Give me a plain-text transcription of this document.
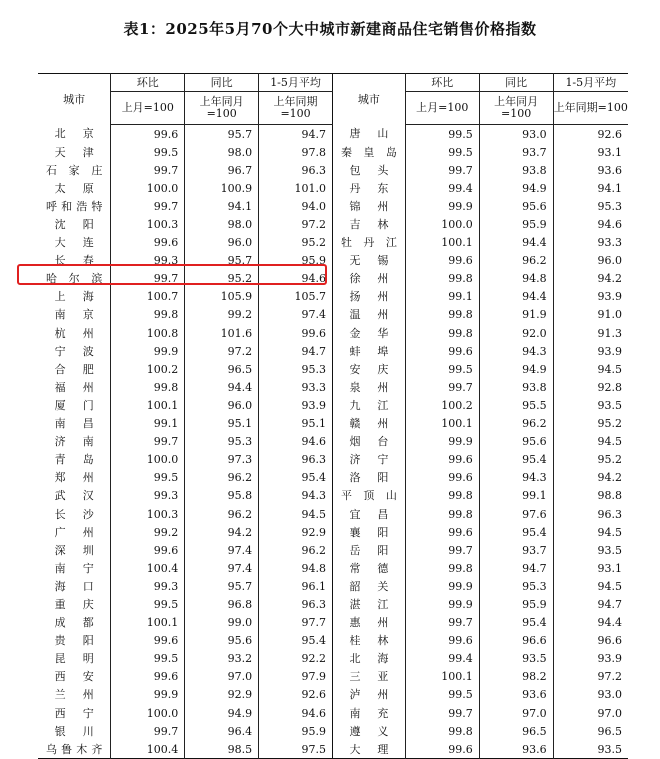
表1：2025年5月70个大中城市新建商品住宅销售价格指数
城市	环比	同比	1-5月平均	城市	环比	同比	1-5月平均
	上月=100	上年同月=100	上年同期=100		上月=100	上年同月=100	上年同期=100

北 京	99.6	95.7	94.7	唐 山	99.5	93.0	92.6

天 津	99.5	98.0	97.8	秦 皇 岛	99.5	93.7	93.1

石 家 庄	99.7	96.7	96.3	包 头	99.7	93.8	93.6

太 原	100.0	100.9	101.0	丹 东	99.4	94.9	94.1

呼 和 浩 特	99.7	94.1	94.0	锦 州	99.9	95.6	95.3

沈 阳	100.3	98.0	97.2	吉 林	100.0	95.9	94.6

大 连	99.6	96.0	95.2	牡 丹 江	100.1	94.4	93.3

长 春	99.3	95.7	95.9	无 锡	99.6	96.2	96.0

哈 尔 滨	99.7	95.2	94.6	徐 州	99.8	94.8	94.2

上 海	100.7	105.9	105.7	扬 州	99.1	94.4	93.9

南 京	99.8	99.2	97.4	温 州	99.8	91.9	91.0

杭 州	100.8	101.6	99.6	金 华	99.8	92.0	91.3

宁 波	99.9	97.2	94.7	蚌 埠	99.6	94.3	93.9

合 肥	100.2	96.5	95.3	安 庆	99.5	94.9	94.5

福 州	99.8	94.4	93.3	泉 州	99.7	93.8	92.8

厦 门	100.1	96.0	93.9	九 江	100.2	95.5	93.5

南 昌	99.1	95.1	95.1	赣 州	100.1	96.2	95.2

济 南	99.7	95.3	94.6	烟 台	99.9	95.6	94.5

青 岛	100.0	97.3	96.3	济 宁	99.6	95.4	95.2

郑 州	99.5	96.2	95.4	洛 阳	99.6	94.3	94.2

武 汉	99.3	95.8	94.3	平 顶 山	99.8	99.1	98.8

长 沙	100.3	96.2	94.5	宜 昌	99.8	97.6	96.3

广 州	99.2	94.2	92.9	襄 阳	99.6	95.4	94.5

深 圳	99.6	97.4	96.2	岳 阳	99.7	93.7	93.5

南 宁	100.4	97.4	94.8	常 德	99.8	94.7	93.1

海 口	99.3	95.7	96.1	韶 关	99.9	95.3	94.5

重 庆	99.5	96.8	96.3	湛 江	99.9	95.9	94.7

成 都	100.1	99.0	97.7	惠 州	99.7	95.4	94.4

贵 阳	99.6	95.6	95.4	桂 林	99.6	96.6	96.6

昆 明	99.5	93.2	92.2	北 海	99.4	93.5	93.9

西 安	99.6	97.0	97.9	三 亚	100.1	98.2	97.2

兰 州	99.9	92.9	92.6	泸 州	99.5	93.6	93.0

西 宁	100.0	94.9	94.6	南 充	99.7	97.0	97.0

银 川	99.7	96.4	95.9	遵 义	99.8	96.5	96.5

乌 鲁 木 齐	100.4	98.5	97.5	大 理	99.6	93.6	93.5
